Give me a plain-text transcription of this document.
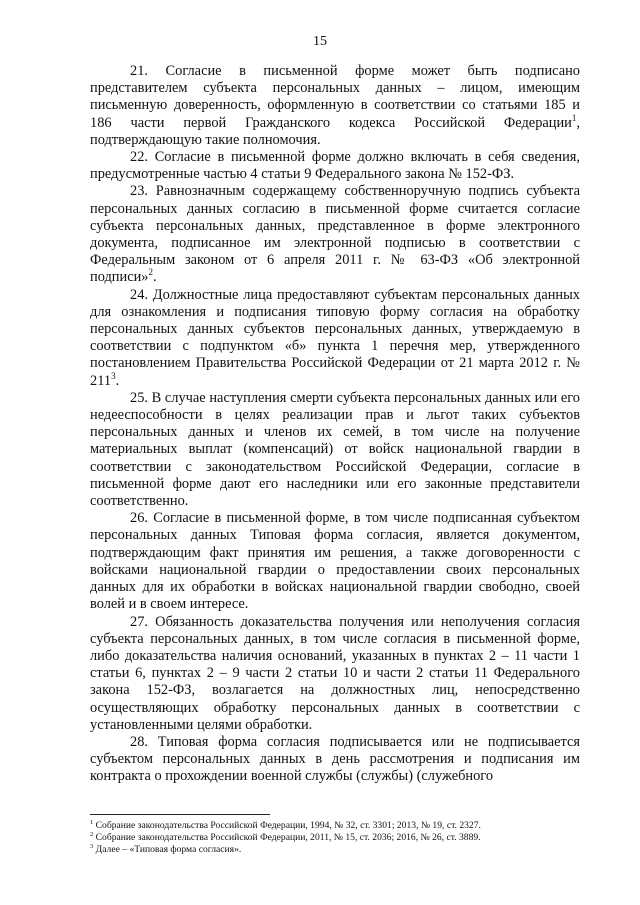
15

21. Согласие в письменной форме может быть подписано представителем субъекта персональных данных – лицом, имеющим письменную доверенность, оформленную в соответствии со статьями 185 и 186 части первой Гражданского кодекса Российской Федерации$^1$, подтверждающую такие полномочия.

22. Согласие в письменной форме должно включать в себя сведения, предусмотренные частью 4 статьи 9 Федерального закона № 152-ФЗ.

23. Равнозначным содержащему собственноручную подпись субъекта персональных данных согласию в письменной форме считается согласие субъекта персональных данных, представленное в форме электронного документа, подписанное им электронной подписью в соответствии с Федеральным законом от 6 апреля 2011 г. № 63-ФЗ «Об электронной подписи»$^2$.

24. Должностные лица предоставляют субъектам персональных данных для ознакомления и подписания типовую форму согласия на обработку персональных данных субъектов персональных данных, утверждаемую в соответствии с подпунктом «б» пункта 1 перечня мер, утвержденного постановлением Правительства Российской Федерации от 21 марта 2012 г. № $211^3$.

25. В случае наступления смерти субъекта персональных данных или его недееспособности в целях реализации прав и льгот таких субъектов персональных данных и членов их семей, в том числе на получение материальных выплат (компенсаций) от войск национальной гвардии в соответствии с законодательством Российской Федерации, согласие в письменной форме дают его наследники или его законные представители соответственно.

26. Согласие в письменной форме, в том числе подписанная субъектом персональных данных Типовая форма согласия, является документом, подтверждающим факт принятия им решения, а также договоренности с войсками национальной гвардии о предоставлении своих персональных данных для их обработки в войсках национальной гвардии свободно, своей волей и в своем интересе.

27. Обязанность доказательства получения или неполучения согласия субъекта персональных данных, в том числе согласия в письменной форме, либо доказательства наличия оснований, указанных в пунктах 2 – 11 части 1 статьи 6, пунктах 2 – 9 части 2 статьи 10 и части 2 статьи 11 Федерального закона 152-ФЗ, возлагается на должностных лиц, непосредственно осуществляющих обработку персональных данных в соответствии с установленными целями обработки.

28. Типовая форма согласия подписывается или не подписывается субъектом персональных данных в день рассмотрения и подписания им контракта о прохождении военной службы (службы) (служебного

$^1$ Собрание законодательства Российской Федерации, 1994, № 32, ст. 3301; 2013, № 19, ст. 2327.

$^2$ Собрание законодательства Российской Федерации, 2011, № 15, ст. 2036; 2016, № 26, ст. 3889.

$^3$ Далее – «Типовая форма согласия».
